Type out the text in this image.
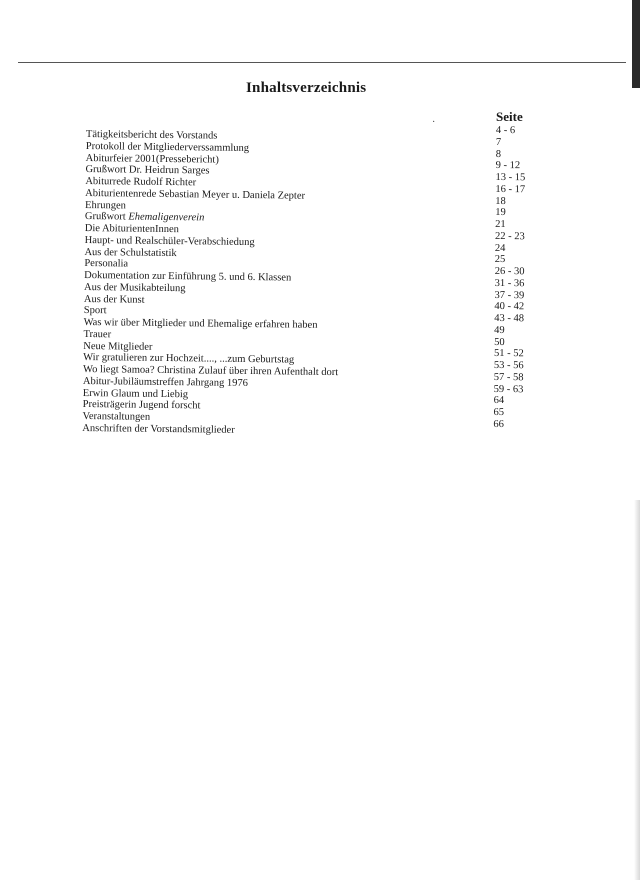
Inhaltsverzeichnis
·	Seite
Tätigkeitsbericht des Vorstands
Protokoll der Mitgliederverssammlung
Abiturfeier 2001(Pressebericht)
Grußwort Dr. Heidrun Sarges
Abiturrede Rudolf Richter
Abiturientenrede Sebastian Meyer u. Daniela Zepter
Ehrungen
Grußwort Ehemaligenverein
Die AbiturientenInnen
Haupt- und Realschüler-Verabschiedung
Aus der Schulstatistik
Personalia
Dokumentation zur Einführung 5. und 6. Klassen
Aus der Musikabteilung
Aus der Kunst
Sport
Was wir über Mitglieder und Ehemalige erfahren haben
Trauer
Neue Mitglieder
Wir gratulieren zur Hochzeit...., ...zum Geburtstag
Wo liegt Samoa? Christina Zulauf über ihren Aufenthalt dort
Abitur-Jubiläumstreffen Jahrgang 1976
Erwin Glaum und Liebig
Preisträgerin Jugend forscht
Veranstaltungen
Anschriften der Vorstandsmitglieder
4 - 6
7
8
9 - 12
13 - 15
16 - 17
18
19
21
22 - 23
24
25
26 - 30
31 - 36
37 - 39
40 - 42
43 - 48
49
50
51 - 52
53 - 56
57 - 58
59 - 63
64
65
66
